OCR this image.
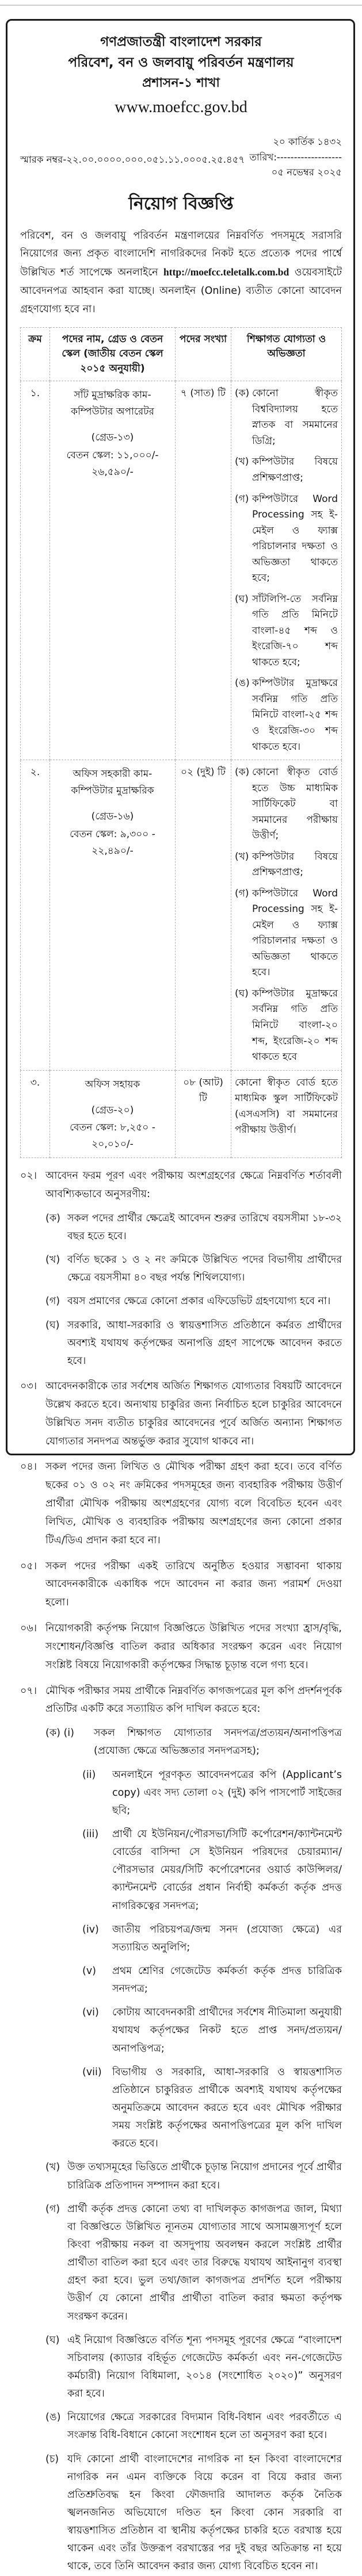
গণপ্রজাতন্ত্রী বাংলাদেশ সরকার
পরিবেশ, বন ও জলবায়ু পরিবর্তন মন্ত্রণালয়
প্রশাসন-১ শাখা
www.moefcc.gov.bd
স্মারক নম্বর-২২.০০.০০০০.০০০.০৫১.১১.০০০৫.২৫.৪৫৭
২০ কার্তিক ১৪৩২
তারিখ:-------------------
০৫ নভেম্বর ২০২৫
নিয়োগ বিজ্ঞপ্তি
পরিবেশ, বন ও জলবায়ু পরিবর্তন মন্ত্রণালয়ের নিম্নবর্ণিত পদসমূহে সরাসরি নিয়োগের জন্য প্রকৃত বাংলাদেশি নাগরিকদের নিকট হতে প্রত্যেক পদের পার্শ্বে উল্লিখিত শর্ত সাপেক্ষে অনলাইনে http://moefcc.teletalk.com.bd ওয়েবসাইটে আবেদনপত্র আহবান করা যাচ্ছে। অনলাইন (Online) ব্যতীত কোনো আবেদন গ্রহণযোগ্য হবে না।
ক্রম	পদের নাম, গ্রেড ও বেতন স্কেল (জাতীয় বেতন স্কেল ২০১৫ অনুযায়ী)	পদের সংখ্যা	শিক্ষাগত যোগ্যতা ও অভিজ্ঞতা
১.	সাঁট মুদ্রাক্ষরিক কাম-কম্পিউটার অপারেটর
(গ্রেড-১৩)
বেতন স্কেল: ১১,০০০/- ২৬,৫৯০/-
	৭ (সাত) টি	(ক) কোনো স্বীকৃত বিশ্ববিদ্যালয় হতে স্নাতক বা সমমানের ডিগ্রি;
(খ) কম্পিউটার বিষয়ে প্রশিক্ষণপ্রাপ্ত;
(গ) কম্পিউটারে Word Processing সহ ই-মেইল ও ফ্যাক্স পরিচালনার দক্ষতা ও অভিজ্ঞতা থাকতে হবে;
(ঘ) সাঁটলিপি-তে সর্বনিম্ন গতি প্রতি মিনিটে বাংলা-৪৫ শব্দ ও ইংরেজি-৭০ শব্দ থাকতে হবে;
(ঙ) কম্পিউটার মুদ্রাক্ষরে সর্বনিম্ন গতি প্রতি মিনিটে বাংলা-২৫ শব্দ ও ইংরেজি-৩০ শব্দ থাকতে হবে।

২.	অফিস সহকারী কাম-কম্পিউটার মুদ্রাক্ষরিক
(গ্রেড-১৬)
বেতন স্কেল: ৯,৩০০ - ২২,৪৯০/-
	০২ (দুই) টি	(ক) কোনো স্বীকৃত বোর্ড হতে উচ্চ মাধ্যমিক সার্টিফিকেট বা সমমানের পরীক্ষায় উত্তীর্ণ;
(খ) কম্পিউটার বিষয়ে প্রশিক্ষণপ্রাপ্ত;
(গ) কম্পিউটারে Word Processing সহ ই-মেইল ও ফ্যাক্স পরিচালনার দক্ষতা ও অভিজ্ঞতা থাকতে হবে।
(ঘ) কম্পিউটার মুদ্রাক্ষরে সর্বনিম্ন গতি প্রতি মিনিটে বাংলা-২০ শব্দ, ইংরেজি-২০ শব্দ থাকতে হবে

৩.	অফিস সহায়ক
(গ্রেড-২০)
বেতন স্কেল: ৮,২৫০ - ২০,০১০/-	০৮ (আট) টি	কোনো স্বীকৃত বোর্ড হতে মাধ্যমিক স্কুল সার্টিফিকেট (এসএসসি) বা সমমানের পরীক্ষায় উত্তীর্ণ।
০২। আবেদন ফরম পূরণ এবং পরীক্ষায় অংশগ্রহণের ক্ষেত্রে নিম্নবর্ণিত শর্তাবলী আবশ্যিকভাবে অনুসরণীয়:
(ক) সকল পদের প্রার্থীর ক্ষেত্রেই আবেদন শুরুর তারিখে বয়সসীমা ১৮-৩২ বছর হতে হবে।
(খ) বর্ণিত ছকের ১ ও ২ নং ক্রমিকে উল্লিখিত পদের বিভাগীয় প্রার্থীদের ক্ষেত্রে বয়সসীমা ৪০ বছর পর্যন্ত শিথিলযোগ্য।
(গ) বয়স প্রমাণের ক্ষেত্রে কোনো প্রকার এফিডেভিট গ্রহণযোগ্য হবে না।
(ঘ) সরকারি, আধা-সরকারি ও স্বায়ত্তশাসিত প্রতিষ্ঠানে কর্মরত প্রার্থীদের অবশ্যই যথাযথ কর্তৃপক্ষের অনাপত্তি গ্রহণ সাপেক্ষে আবেদন করতে হবে।
০৩। আবেদনকারীকে তার সর্বশেষ অর্জিত শিক্ষাগত যোগ্যতার বিষয়টি আবেদনে উল্লেখ করতে হবে। অন্যথায় চাকুরির জন্য নির্বাচিত হলে চাকুরির আবেদনে উল্লিখিত সনদ ব্যতীত চাকুরির আবেদনের পূর্বে অর্জিত অন্যান্য শিক্ষাগত যোগ্যতার সনদপত্র অন্তর্ভুক্ত করার সুযোগ থাকবে না।
০৪। সকল পদের জন্য লিখিত ও মৌখিক পরীক্ষা গ্রহণ করা হবে। তবে বর্ণিত ছকের ০১ ও ০২ নং ক্রমিকের পদসমূহের জন্য ব্যবহারিক পরীক্ষায় উত্তীর্ণ প্রার্থীরা মৌখিক পরীক্ষায় অংশগ্রহণের যোগ্য বলে বিবেচিত হবেন এবং লিখিত, মৌখিক ও ব্যবহারিক পরীক্ষায় অংশগ্রহণের জন্য কোনো প্রকার টিএ/ডিএ প্রদান করা হবে না।
০৫। সকল পদের পরীক্ষা একই তারিখে অনুষ্ঠিত হওয়ার সম্ভাবনা থাকায় আবেদনকারীকে একাধিক পদে আবেদন না করার জন্য পরামর্শ দেওয়া হলো।
০৬। নিয়োগকারী কর্তৃপক্ষ নিয়োগ বিজ্ঞপ্তিতে উল্লিখিত পদের সংখ্যা হ্রাস/বৃদ্ধি, সংশোধন/বিজ্ঞপ্তি বাতিল করার অধিকার সংরক্ষণ করেন এবং নিয়োগ সংশ্লিষ্ট বিষয়ে নিয়োগকারী কর্তৃপক্ষের সিদ্ধান্ত চূড়ান্ত বলে গণ্য হবে।
০৭। মৌখিক পরীক্ষার সময় প্রার্থীকে নিম্নবর্ণিত কাগজপত্রের মূল কপি প্রদর্শনপূর্বক প্রতিটির একটি করে সত্যায়িত কপি দাখিল করতে হবে:
(ক) (i)	সকল শিক্ষাগত যোগ্যতার সনদপত্র/প্রত্যয়ন/অনাপত্তিপত্র (প্রযোজ্য ক্ষেত্রে অভিজ্ঞতার সনদপত্রসহ);
(ii)	অনলাইনে পূরণকৃত আবেদনপত্রের কপি (Applicant’s copy) এবং সদ্য তোলা ০২ (দুই) কপি পাসপোর্ট সাইজের ছবি;
(iii)	প্রার্থী যে ইউনিয়ন/পৌরসভা/সিটি কর্পোরেশন/ক্যান্টনমেন্ট বোর্ডের বাসিন্দা সে ইউনিয়ন পরিষদের চেয়ারম্যান/পৌরসভার মেয়র/সিটি কর্পোরেশনের ওয়ার্ড কাউন্সিলর/ক্যান্টনমেন্ট বোর্ডের প্রধান নির্বাহী কর্মকর্তা কর্তৃক প্রদত্ত নাগরিকত্বের সনদপত্র;
(iv)	জাতীয় পরিচয়পত্র/জন্ম সনদ (প্রযোজ্য ক্ষেত্রে) এর সত্যায়িত অনুলিপি;
(v)	প্রথম শ্রেণির গেজেটেড কর্মকর্তা কর্তৃক প্রদত্ত চারিত্রিক সনদপত্র;
(vi)	কোটায় আবেদনকারী প্রার্থীদের সর্বশেষ নীতিমালা অনুযায়ী যথাযথ কর্তৃপক্ষের নিকট হতে প্রাপ্ত সনদ/প্রত্যয়ন/অনাপত্তিপত্র;
(vii)	বিভাগীয় ও সরকারি, আধা-সরকারি ও স্বায়ত্তশাসিত প্রতিষ্ঠানে চাকুরিরত প্রার্থীকে অবশ্যই যথাযথ কর্তৃপক্ষের অনুমতিক্রমে আবেদন করতে হবে এবং মৌখিক পরীক্ষার সময় সংশ্লিষ্ট কর্তৃপক্ষের অনাপত্তিপত্রের মূল কপি দাখিল করতে হবে।
(খ) উক্ত তথ্যসমূহের ভিত্তিতে প্রার্থীকে চূড়ান্ত নিয়োগ প্রদানের পূর্বে প্রার্থীর চারিত্রিক প্রতিপাদন সম্পাদন করা হবে।
(গ) প্রার্থী কর্তৃক প্রদত্ত কোনো তথ্য বা দাখিলকৃত কাগজপত্র জাল, মিথ্যা বা বিজ্ঞপ্তিতে উল্লিখিত ন্যূনতম যোগ্যতার সাথে অসামঞ্জস্যপূর্ণ হলে কিংবা পরীক্ষায় নকল বা অসদুপায় অবলম্বন করলে সংশ্লিষ্ট প্রার্থীর প্রার্থীতা বাতিল করা হবে এবং তার বিরুদ্ধে যথাযথ আইনানুগ ব্যবস্থা গ্রহণ করা হবে। ভুল তথ্য/জাল কাগজপত্র প্রদর্শিত হলে পরীক্ষায় উত্তীর্ণ যে কোনো প্রার্থীর প্রার্থীতা বাতিল করার ক্ষমতা কর্তৃপক্ষ সংরক্ষণ করেন।
(ঘ) এই নিয়োগ বিজ্ঞপ্তিতে বর্ণিত শূন্য পদসমূহ পূরণের ক্ষেত্রে “বাংলাদেশ সচিবালয় (ক্যাডার বহির্ভূত গেজেটেড কর্মকর্তা এবং নন-গেজেটেড কর্মচারী) নিয়োগ বিধিমালা, ২০১৪ (সংশোধিত ২০২০)” অনুসরণ করা হবে।
(ঙ) নিয়োগের ক্ষেত্রে সরকারের বিদ্যমান বিধি-বিধান এবং পরবর্তীতে এ সংক্রান্ত বিধি-বিধানে কোনো সংশোধন হলে তা অনুসরণ করা হবে।
(চ) যদি কোনো প্রার্থী বাংলাদেশের নাগরিক না হন কিংবা বাংলাদেশের নাগরিক নন এমন ব্যক্তিকে বিয়ে করেন বা বিয়ে করার জন্য প্রতিশ্রুতিবদ্ধ হন কিংবা ফৌজদারি আদালত কর্তৃক নৈতিক স্খলনজনিত অভিযোগে দণ্ডিত হন কিংবা কোন সরকারি বা স্বায়ত্তশাসিত প্রতিষ্ঠান বা স্থানীয় কর্তৃপক্ষের চাকরি হতে বরখাস্ত হয়ে থাকেন এবং তাঁর উক্তরূপ বরখাস্তের পর দুই বছর অতিক্রান্ত না হয়ে থাকে, তবে তিনি আবেদন করার জন্য যোগ্য বিবেচিত হবেন না।
